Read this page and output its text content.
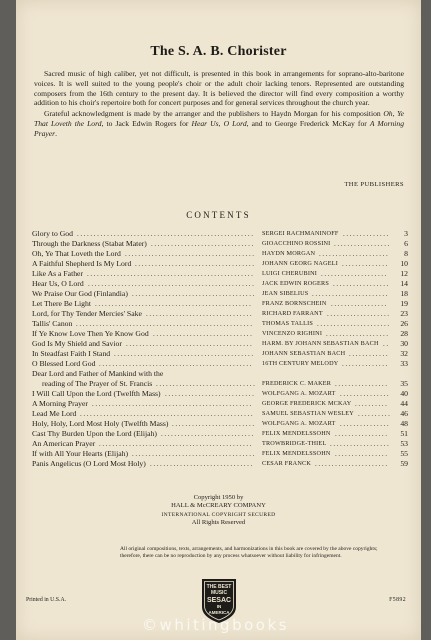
The S. A. B. Chorister

Sacred music of high caliber, yet not difficult, is presented in this book in arrangements for soprano-alto-baritone voices. It is well suited to the young people's choir or the adult choir lacking tenors. Represented are outstanding composers from the 16th century to the present day. It is believed the director will find every composition a worthy addition to his choir's repertoire both for concert purposes and for general services throughout the church year.

Grateful acknowledgment is made by the arranger and the publishers to Haydn Morgan for his composition Oh, Ye That Loveth the Lord, to Jack Edwin Rogers for Hear Us, O Lord, and to George Frederick McKay for A Morning Prayer.

THE PUBLISHERS
CONTENTS
Glory to God ..................................................... SERGEI RACHMANINOFF ..............	3
Through the Darkness (Stabat Mater) ............................... GIOACCHINO ROSSINI .................	6
Oh, Ye That Loveth the Lord ....................................... HAYDN MORGAN .....................	8
A Faithful Shepherd Is My Lord .................................... JOHANN GEORG NAGELI ..............	10
Like As a Father .................................................. LUIGI CHERUBINI ....................	12
Hear Us, O Lord .................................................. JACK EDWIN ROGERS .................	14
We Praise Our God (Finlandia) ..................................... JEAN SIBELIUS .......................	18
Let There Be Light ............................................... FRANZ BORNSCHEIN .................	19
Lord, for Thy Tender Mercies' Sake ................................ RICHARD FARRANT ...................	23
Tallis' Canon ..................................................... THOMAS TALLIS ......................	26
If Ye Know Love Then Ye Know God .............................. VINCENZO RIGHINI ...................	28
God Is My Shield and Savior ...................................... HARM. BY JOHANN SEBASTIAN BACH ..	30
In Steadfast Faith I Stand .......................................... JOHANN SEBASTIAN BACH ............	32
O Blessed Lord God .............................................. 16TH CENTURY MELODY ..............	33
Dear Lord and Father of Mankind with the
reading of The Prayer of St. Francis .............................. FREDERICK C. MAKER ................	35
I Will Call Upon the Lord (Twelfth Mass) ........................... WOLFGANG A. MOZART ...............	40
A Morning Prayer ................................................ GEORGE FREDERICK MCKAY ..........	44
Lead Me Lord .................................................... SAMUEL SEBASTIAN WESLEY ..........	46
Holy, Holy, Lord Most Holy (Twelfth Mass) ......................... WOLFGANG A. MOZART ...............	48
Cast Thy Burden Upon the Lord (Elijah) ............................ FELIX MENDELSSOHN ................	51
An American Prayer .............................................. TROWBRIDGE-THIEL ..................	53
If with All Your Hearts (Elijah) ..................................... FELIX MENDELSSOHN ................	55
Panis Angelicus (O Lord Most Holy) ............................... CESAR FRANCK ......................	59
Copyright 1950 by
HALL & McCREARY COMPANY
INTERNATIONAL COPYRIGHT SECURED
All Rights Reserved
All original compositions, texts, arrangements, and harmonizations in this book are covered by the above copyrights; therefore, there can be no reproduction by any process whatsoever without liability for infringement.
Printed in U.S.A.	F5892
THE BEST
MUSIC
SESAC
IN
AMERICA
©whitingbooks
